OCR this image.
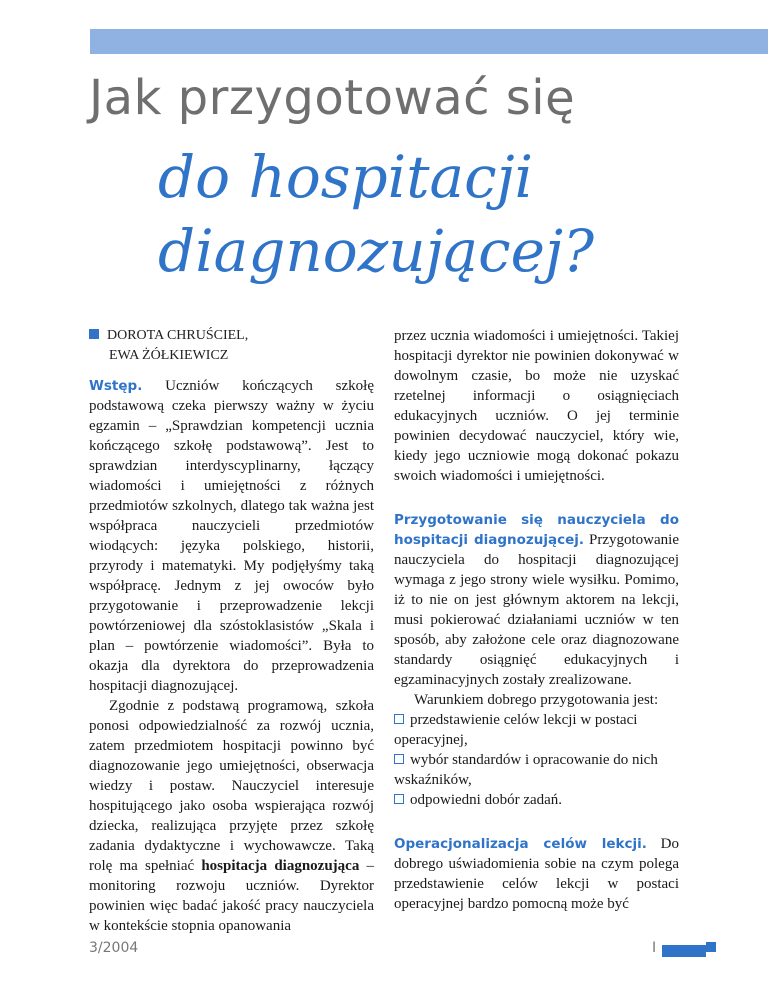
Jak przygotować się
do hospitacji
diagnozującej?
DOROTA CHRUŚCIEL,
EWA ŻÓŁKIEWICZ

Wstęp. Uczniów kończących szkołę podstawową czeka pierwszy ważny w życiu egzamin – „Sprawdzian kompetencji ucznia kończącego szkołę podstawową”. Jest to sprawdzian interdyscyplinarny, łączący wiadomości i umiejętności z różnych przedmiotów szkolnych, dlatego tak ważna jest współpraca nauczycieli przedmiotów wiodących: języka polskiego, historii, przyrody i matematyki. My podjęłyśmy taką współpracę. Jednym z jej owoców było przygotowanie i przeprowadzenie lekcji powtórzeniowej dla szóstoklasistów „Skala i plan – powtórzenie wiadomości”. Była to okazja dla dyrektora do przeprowadzenia hospitacji diagnozującej.

Zgodnie z podstawą programową, szkoła ponosi odpowiedzialność za rozwój ucznia, zatem przedmiotem hospitacji powinno być diagnozowanie jego umiejętności, obserwacja wiedzy i postaw. Nauczyciel interesuje hospitującego jako osoba wspierająca rozwój dziecka, realizująca przyjęte przez szkołę zadania dydaktyczne i wychowawcze. Taką rolę ma spełniać hospitacja diagnozująca – monitoring rozwoju uczniów. Dyrektor powinien więc badać jakość pracy nauczyciela w kontekście stopnia opanowania

przez ucznia wiadomości i umiejętności. Takiej hospitacji dyrektor nie powinien dokonywać w dowolnym czasie, bo może nie uzyskać rzetelnej informacji o osiągnięciach edukacyjnych uczniów. O jej terminie powinien decydować nauczyciel, który wie, kiedy jego uczniowie mogą dokonać pokazu swoich wiadomości i umiejętności.

Przygotowanie się nauczyciela do hospitacji diagnozującej. Przygotowanie nauczyciela do hospitacji diagnozującej wymaga z jego strony wiele wysiłku. Pomimo, iż to nie on jest głównym aktorem na lekcji, musi pokierować działaniami uczniów w ten sposób, aby założone cele oraz diagnozowane standardy osiągnięć edukacyjnych i egzaminacyjnych zostały zrealizowane.

Warunkiem dobrego przygotowania jest:

przedstawienie celów lekcji w postaci operacyjnej,
wybór standardów i opracowanie do nich wskaźników,
odpowiedni dobór zadań.

Operacjonalizacja celów lekcji. Do dobrego uświadomienia sobie na czym polega przedstawienie celów lekcji w postaci operacyjnej bardzo pomocną może być

3/2004	I
